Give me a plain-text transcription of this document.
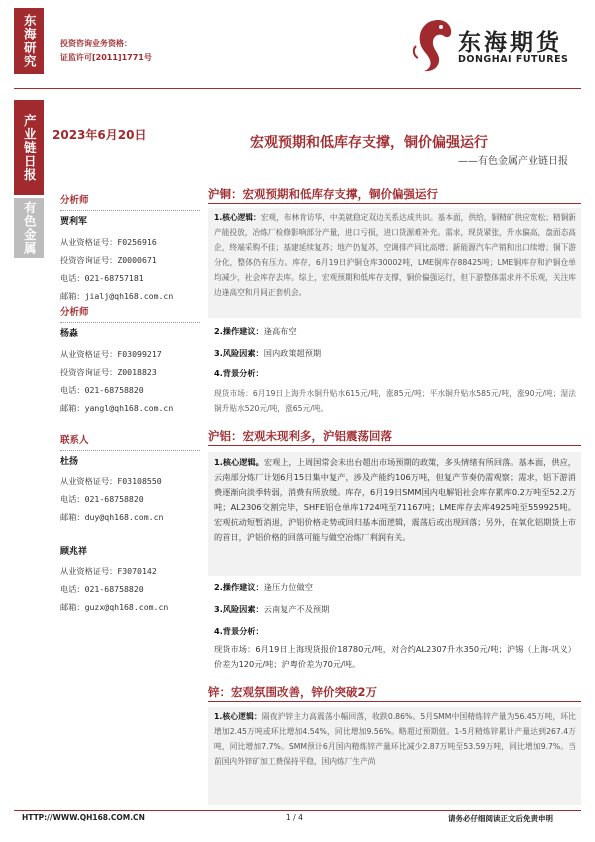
东海研究
产业链日报
有色金属
投资咨询业务资格：
证监许可[2011]1771号
东海期货
DONGHAI FUTURES
2023年6月20日	宏观预期和低库存支撑，铜价偏强运行
——有色金属产业链日报
分析师
贾利军
从业资格证号：F0256916
投资咨询证号：Z0000671
电话：021-68757181
邮箱：jialj@qh168.com.cn
分析师
杨淼
从业资格证号：F03099217
投资咨询证号：Z0018823
电话：021-68758820
邮箱：yangl@qh168.com.cn
联系人
杜扬
从业资格证号：F03108550
电话：021-68758820
邮箱：duy@qh168.com.cn
顾兆祥
从业资格证号：F3070142
电话：021-68758820
邮箱：guzx@qh168.com.cn
沪铜：宏观预期和低库存支撑，铜价偏强运行
1.核心逻辑：宏观，布林肯访华，中美就稳定双边关系达成共识。基本面，供给，铜精矿供应宽松；精铜新产能投放，冶炼厂检修影响部分产量，进口亏损，进口货源难补充。需求，现货紧张，升水偏高，盘面态高企，终端采购不佳；基建延续复苏；地产仍复苏，空调排产同比高增；新能源汽车产销和出口续增；铜下游分化，整体仍有压力。库存，6月19日沪铜仓库30002吨，LME铜库存88425吨；LME铜库存和沪铜仓单均减少，社会库存去库。综上，宏观预期和低库存支撑，铜价偏强运行，但下游整体需求并不乐观，关注库边逢高空和月间正套机会。
2.操作建议：逢高布空
3.风险因素：国内政策超预期
4.背景分析：
现货市场：6月19日上海升水铜升贴水615元/吨，涨85元/吨；平水铜升贴水585元/吨，涨90元/吨；湿法铜升贴水520元/吨，涨65元/吨。
沪铝：宏观未现利多，沪铝震荡回落
1.核心逻辑。宏观上，上周国常会未出台超出市场预期的政策，多头情绪有所回落。基本面，供应，云南部分炼厂计划6月15日集中复产，涉及产能约106万吨，但复产节奏仍需观察；需求，铝下游消费逐渐向淡季转弱，消费有所放缓。库存，6月19日SMM国内电解铝社会库存累库0.2万吨至52.2万吨；AL2306交割完毕，SHFE铝仓单库1724吨至71167吨；LME库存去库4925吨至559925吨。宏观抗动短暂消退，沪铝价格走势或回归基本面逻辑，震荡后或出现回落；另外，在氧化铝期货上市的首日，沪铝价格的回落可能与做空冶炼厂利润有关。
2.操作建议：逢压力位做空
3.风险因素：云南复产不及预期
4.背景分析：
现货市场：6月19日上海现货报价18780元/吨，对合约AL2307升水350元/吨；沪锡（上海-巩义）价差为120元/吨；沪粤价差为70元/吨。
锌：宏观氛围改善，锌价突破2万
1.核心逻辑：隔夜沪锌主力高震荡小幅回落，收跌0.86%。5月SMM中国精炼锌产量为56.45万吨，环比增加2.45万吨或环比增加4.54%，同比增加9.56%。略超过预期值。1-5月精炼锌累计产量达到267.4万吨，同比增加7.7%。SMM预计6月国内精炼锌产量环比减少2.87万吨至53.59万吨，同比增加9.7%。当前国内外锌矿加工费保持平稳，国内炼厂生产尚
HTTP://WWW.QH168.COM.CN	1 / 4	请务必仔细阅读正文后免责申明
